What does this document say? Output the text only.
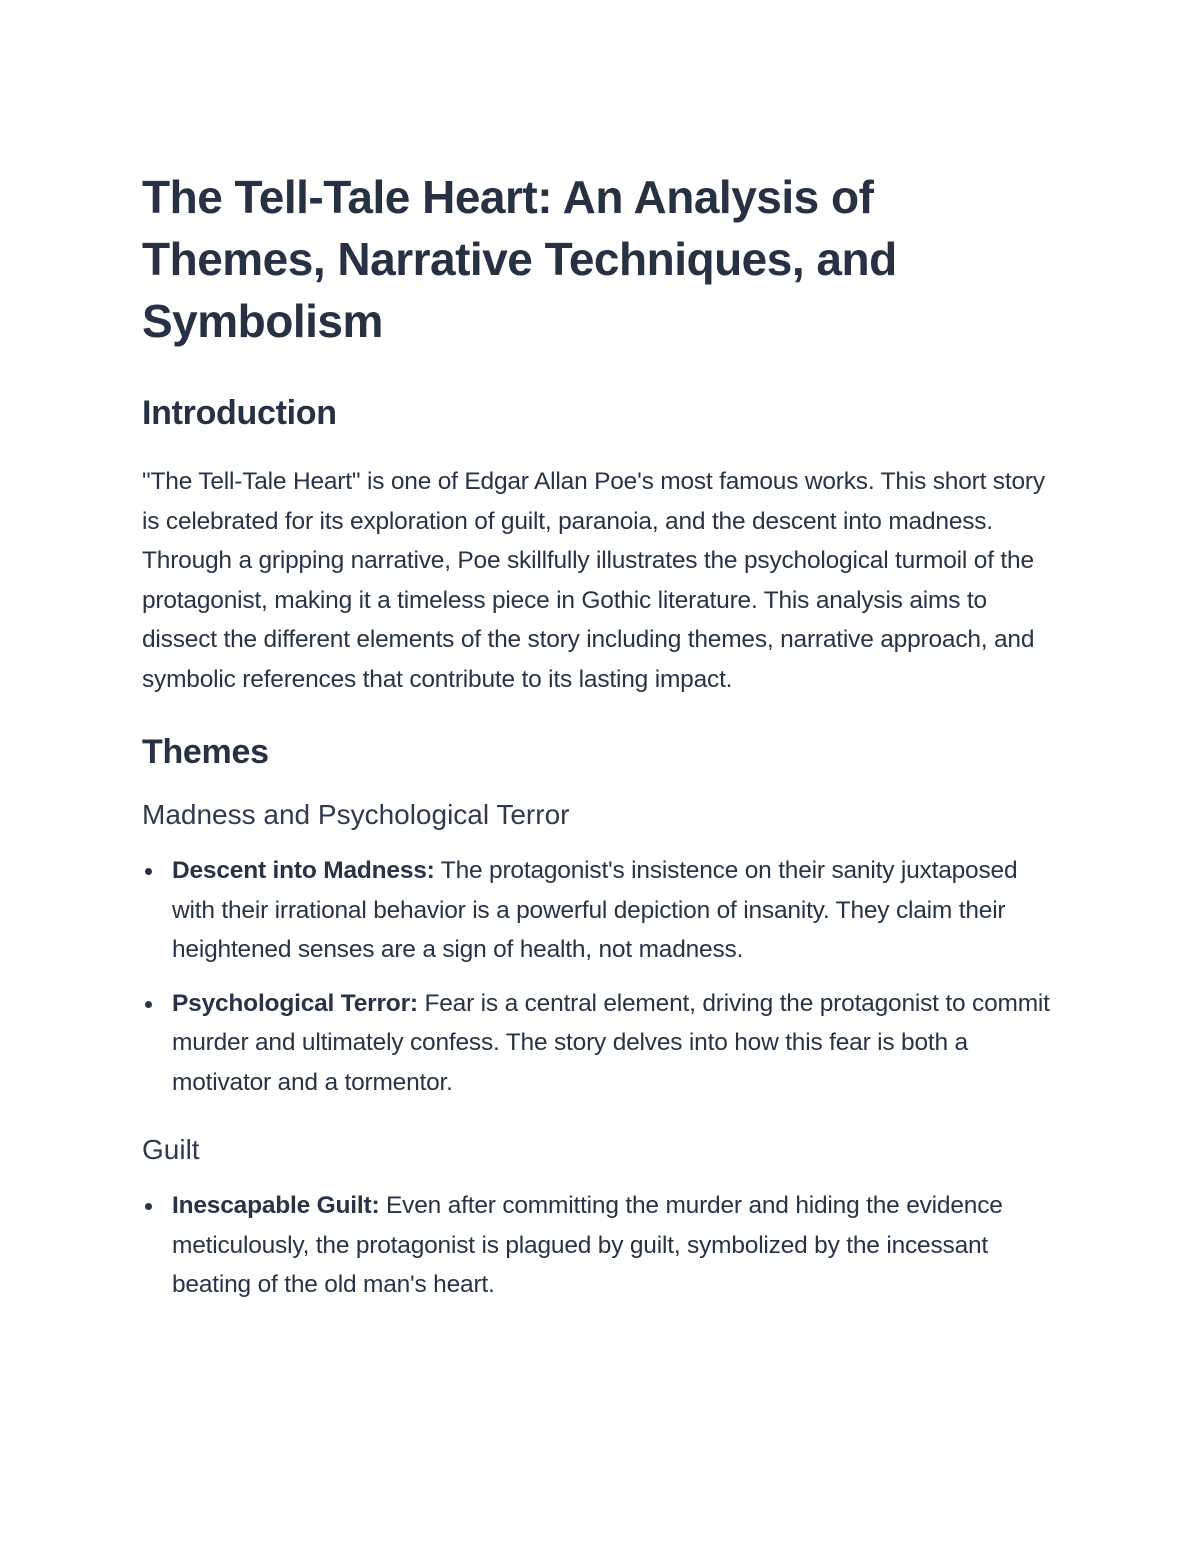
The Tell-Tale Heart: An Analysis of Themes, Narrative Techniques, and Symbolism
Introduction

"The Tell-Tale Heart" is one of Edgar Allan Poe's most famous works. This short story is celebrated for its exploration of guilt, paranoia, and the descent into madness. Through a gripping narrative, Poe skillfully illustrates the psychological turmoil of the protagonist, making it a timeless piece in Gothic literature. This analysis aims to dissect the different elements of the story including themes, narrative approach, and symbolic references that contribute to its lasting impact.

Themes
Madness and Psychological Terror
Descent into Madness: The protagonist's insistence on their sanity juxtaposed with their irrational behavior is a powerful depiction of insanity. They claim their heightened senses are a sign of health, not madness.
Psychological Terror: Fear is a central element, driving the protagonist to commit murder and ultimately confess. The story delves into how this fear is both a motivator and a tormentor.
Guilt
Inescapable Guilt: Even after committing the murder and hiding the evidence meticulously, the protagonist is plagued by guilt, symbolized by the incessant beating of the old man's heart.
